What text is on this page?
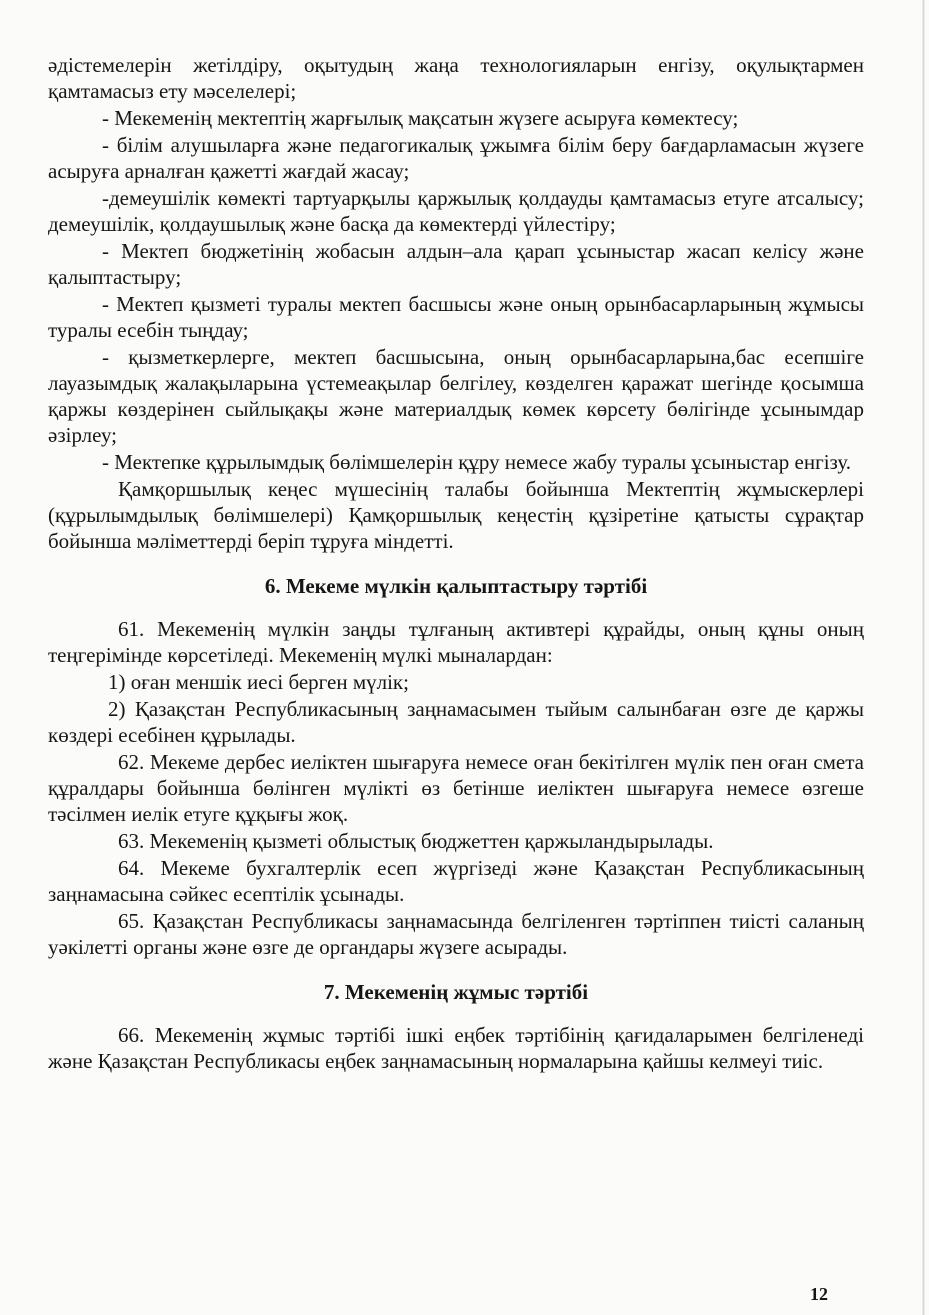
әдістемелерін жетілдіру, оқытудың жаңа технологияларын енгізу, оқулықтармен қамтамасыз ету мәселелері;

- Мекеменің мектептің жарғылық мақсатын жүзеге асыруға көмектесу;

- білім алушыларға және педагогикалық ұжымға білім беру бағдарламасын жүзеге асыруға арналған қажетті жағдай жасау;

-демеушілік көмекті тартуарқылы қаржылық қолдауды қамтамасыз етуге атсалысу; демеушілік, қолдаушылық және басқа да көмектерді үйлестіру;

- Мектеп бюджетінің жобасын алдын–ала қарап ұсыныстар жасап келісу және қалыптастыру;

- Мектеп қызметі туралы мектеп басшысы және оның орынбасарларының жұмысы туралы есебін тыңдау;

- қызметкерлерге, мектеп басшысына, оның орынбасарларына,бас есепшіге лауазымдық жалақыларына үстемеақылар белгілеу, көзделген қаражат шегінде қосымша қаржы көздерінен сыйлықақы және материалдық көмек көрсету бөлігінде ұсынымдар әзірлеу;

- Мектепке құрылымдық бөлімшелерін құру немесе жабу туралы ұсыныстар енгізу.

Қамқоршылық кеңес мүшесінің талабы бойынша Мектептің жұмыскерлері (құрылымдылық бөлімшелері) Қамқоршылық кеңестің құзіретіне қатысты сұрақтар бойынша мәліметтерді беріп тұруға міндетті.

6. Мекеме мүлкін қалыптастыру тәртібі

61. Мекеменің мүлкін заңды тұлғаның активтері құрайды, оның құны оның теңгерімінде көрсетіледі. Мекеменің мүлкі мыналардан:

1) оған меншік иесі берген мүлік;

2) Қазақстан Республикасының заңнамасымен тыйым салынбаған өзге де қаржы көздері есебінен құрылады.

62. Мекеме дербес иеліктен шығаруға немесе оған бекітілген мүлік пен оған смета құралдары бойынша бөлінген мүлікті өз бетінше иеліктен шығаруға немесе өзгеше тәсілмен иелік етуге құқығы жоқ.

63. Мекеменің қызметі облыстық бюджеттен қаржыландырылады.

64. Мекеме бухгалтерлік есеп жүргізеді және Қазақстан Республикасының заңнамасына сәйкес есептілік ұсынады.

65. Қазақстан Республикасы заңнамасында белгіленген тәртіппен тиісті саланың уәкілетті органы және өзге де органдары жүзеге асырады.

7. Мекеменің жұмыс тәртібі

66. Мекеменің жұмыс тәртібі ішкі еңбек тәртібінің қағидаларымен белгіленеді және Қазақстан Республикасы еңбек заңнамасының нормаларына қайшы келмеуі тиіс.

12
